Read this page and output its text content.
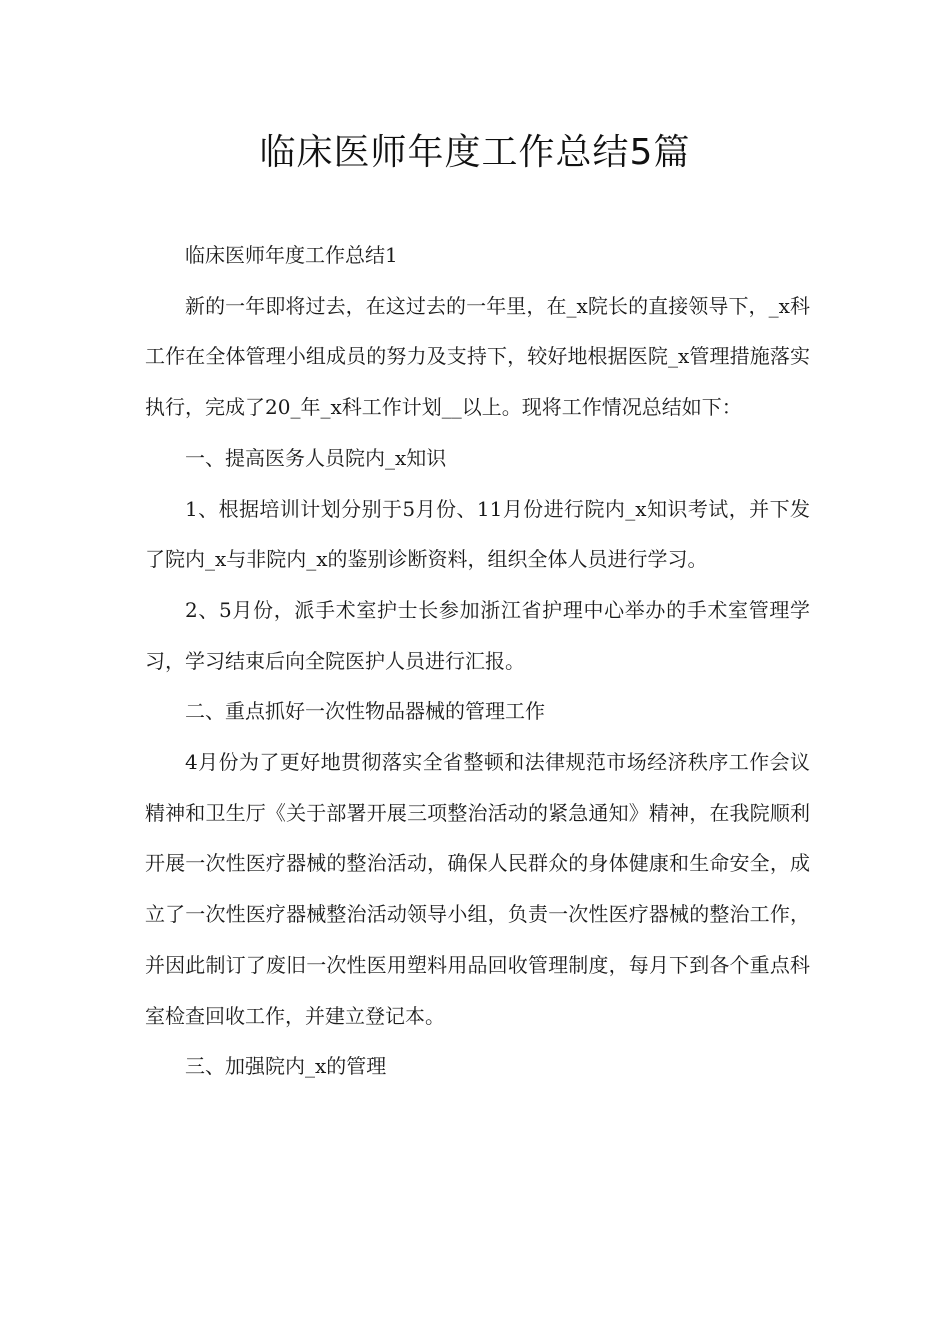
临床医师年度工作总结5篇

临床医师年度工作总结1

新的一年即将过去，在这过去的一年里，在_x院长的直接领导下，_x科工作在全体管理小组成员的努力及支持下，较好地根据医院_x管理措施落实执行，完成了20_年_x科工作计划__以上。现将工作情况总结如下：

一、提高医务人员院内_x知识

1、根据培训计划分别于5月份、11月份进行院内_x知识考试，并下发了院内_x与非院内_x的鉴别诊断资料，组织全体人员进行学习。

2、5月份，派手术室护士长参加浙江省护理中心举办的手术室管理学习，学习结束后向全院医护人员进行汇报。

二、重点抓好一次性物品器械的管理工作

4月份为了更好地贯彻落实全省整顿和法律规范市场经济秩序工作会议精神和卫生厅《关于部署开展三项整治活动的紧急通知》精神，在我院顺利开展一次性医疗器械的整治活动，确保人民群众的身体健康和生命安全，成立了一次性医疗器械整治活动领导小组，负责一次性医疗器械的整治工作，并因此制订了废旧一次性医用塑料用品回收管理制度，每月下到各个重点科室检查回收工作，并建立登记本。

三、加强院内_x的管理
